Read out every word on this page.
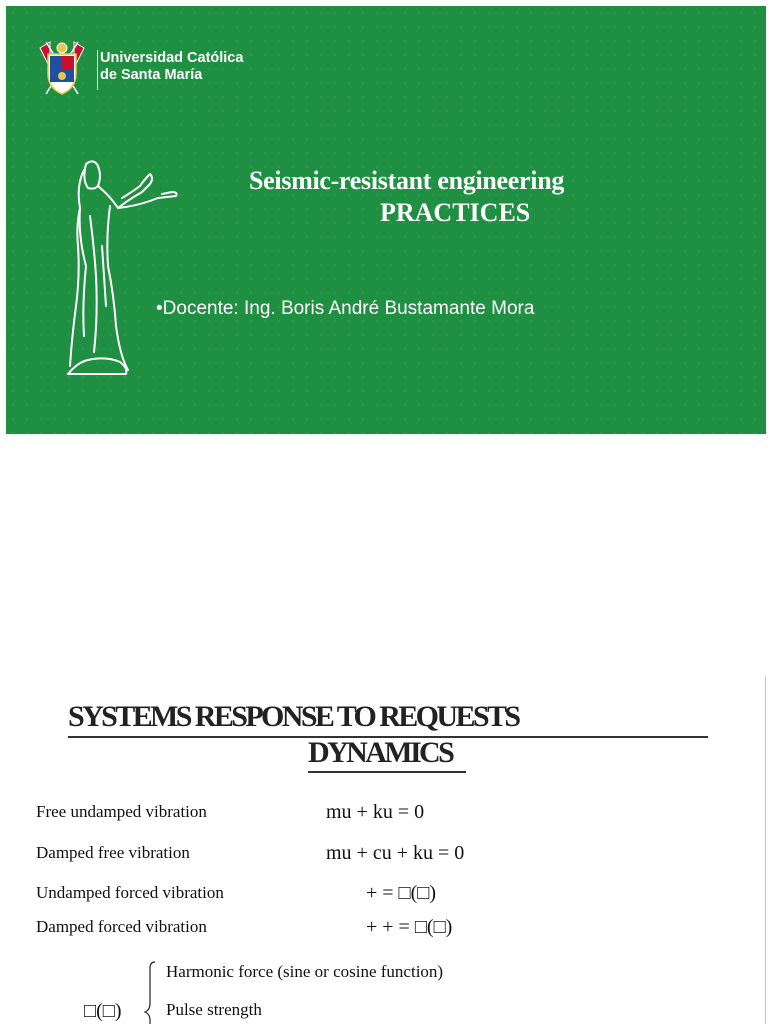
Universidad Católica
de Santa María
Seismic-resistant engineering
PRACTICES
•Docente: Ing. Boris André Bustamante Mora
SYSTEMS RESPONSE TO REQUESTS
DYNAMICS
Free undamped vibration	mu + ku = 0
Damped free vibration	mu + cu + ku = 0
Undamped forced vibration	+ = □(□)
Damped forced vibration	+ + = □(□)
□(□)
Harmonic force (sine or cosine function)
Pulse strength
